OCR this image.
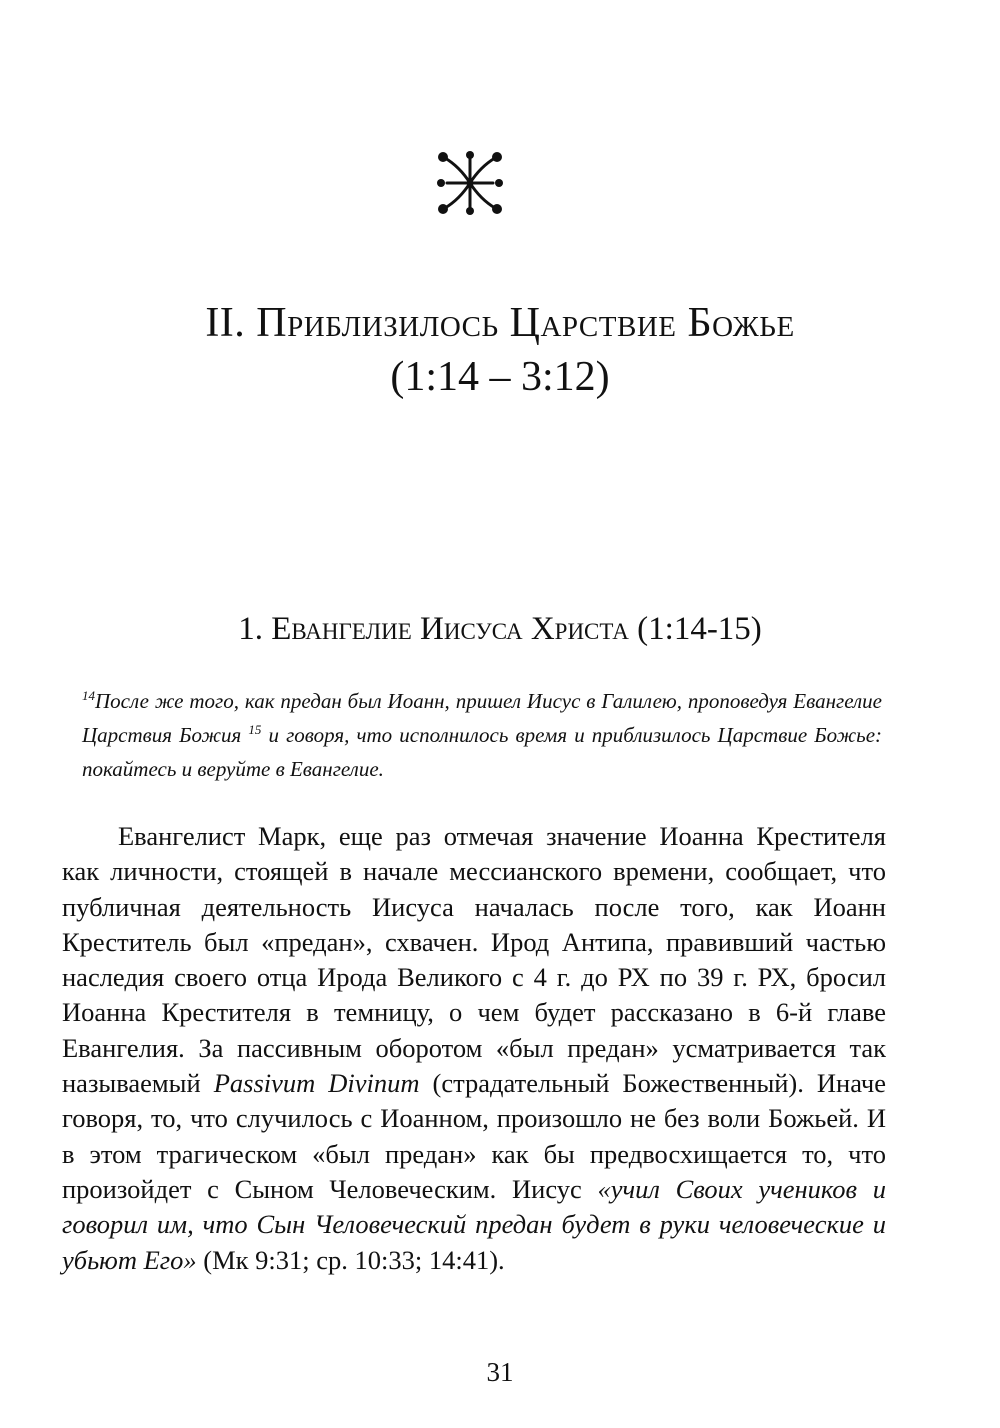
II. Приблизилось Царствие Божье
(1:14 – 3:12)
1. Евангелие Иисуса Христа (1:14-15)

$^{14}$После же того, как предан был Иоанн, пришел Иисус в Галилею, проповедуя Евангелие Царствия Божия $^{15}$ и говоря, что исполнилось время и приблизилось Царствие Божье: покайтесь и веруйте в Евангелие.

Евангелист Марк, еще раз отмечая значение Иоанна Крестителя как личности, стоящей в начале мессианского времени, сообщает, что публичная деятельность Иисуса началась после того, как Иоанн Креститель был «предан», схвачен. Ирод Антипа, правивший частью наследия своего отца Ирода Великого с 4 г. до РХ по 39 г. РХ, бросил Иоанна Крестителя в темницу, о чем будет рассказано в 6-й главе Евангелия. За пассивным оборотом «был предан» усматривается так называемый Passivum Divinum (страдательный Божественный). Иначе говоря, то, что случилось с Иоанном, произошло не без воли Божьей. И в этом трагическом «был предан» как бы предвосхищается то, что произойдет с Сыном Человеческим. Иисус «учил Своих учеников и говорил им, что Сын Человеческий предан будет в руки человеческие и убьют Его» (Мк 9:31; ср. 10:33; 14:41).

31
